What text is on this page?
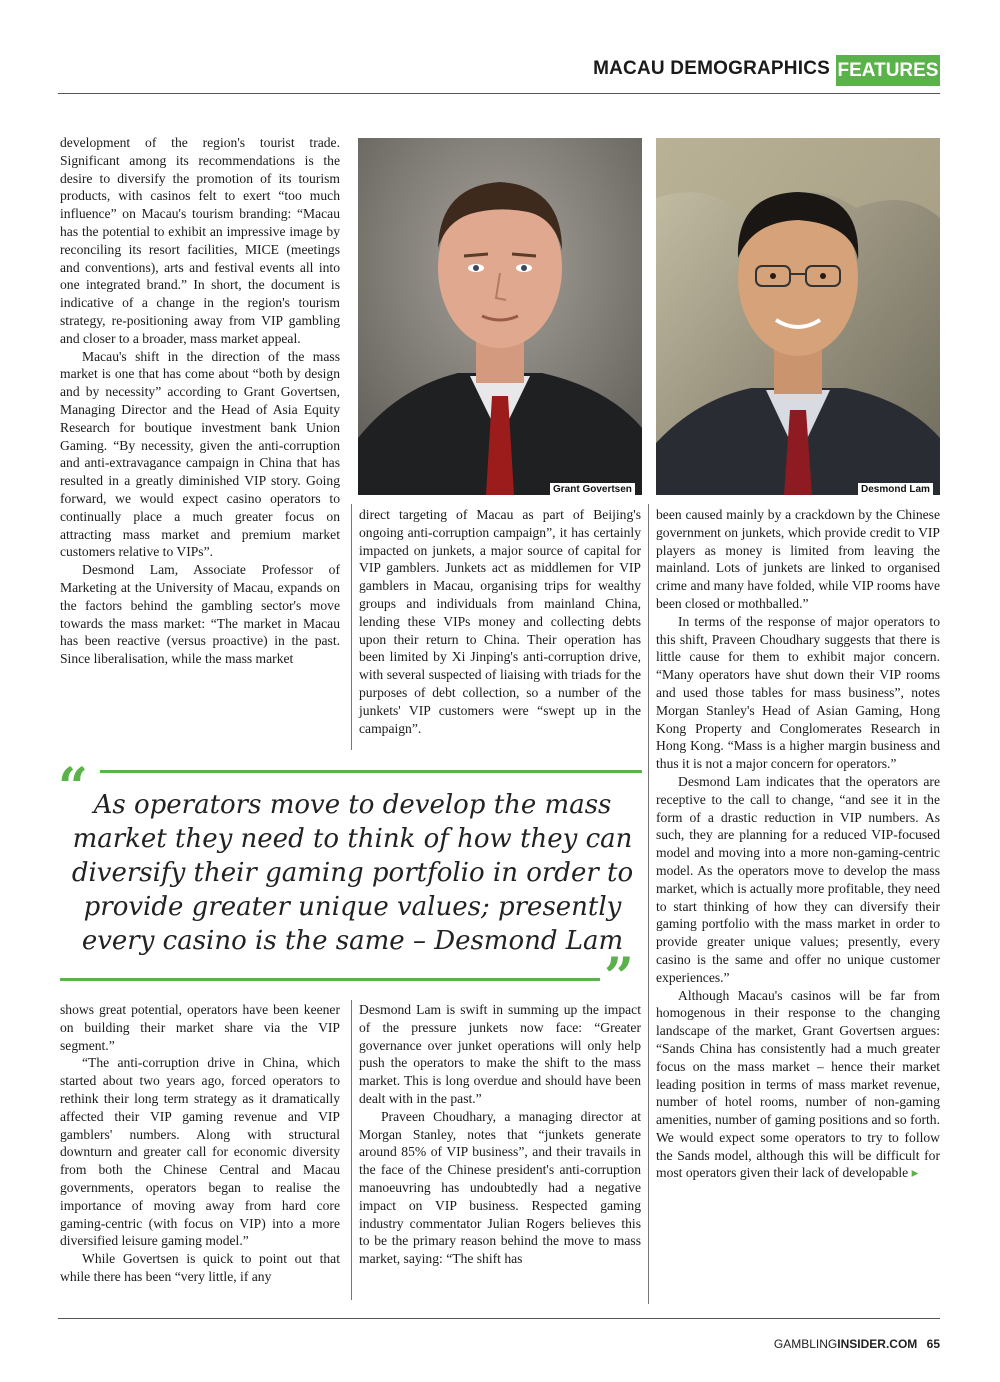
MACAU DEMOGRAPHICS FEATURES
Grant Govertsen	Desmond Lam

development of the region's tourist trade. Significant among its recommendations is the desire to diversify the promotion of its tourism products, with casinos felt to exert “too much influence” on Macau's tourism branding: “Macau has the potential to exhibit an impressive image by reconciling its resort facilities, MICE (meetings and conventions), arts and festival events all into one integrated brand.” In short, the document is indicative of a change in the region's tourism strategy, re-positioning away from VIP gambling and closer to a broader, mass market appeal.

Macau's shift in the direction of the mass market is one that has come about “both by design and by necessity” according to Grant Govertsen, Managing Director and the Head of Asia Equity Research for boutique investment bank Union Gaming. “By necessity, given the anti-corruption and anti-extravagance campaign in China that has resulted in a greatly diminished VIP story. Going forward, we would expect casino operators to continually place a much greater focus on attracting mass market and premium market customers relative to VIPs”.

Desmond Lam, Associate Professor of Marketing at the University of Macau, expands on the factors behind the gambling sector's move towards the mass market: “The market in Macau has been reactive (versus proactive) in the past. Since liberalisation, while the mass market

direct targeting of Macau as part of Beijing's ongoing anti-corruption campaign”, it has certainly impacted on junkets, a major source of capital for VIP gamblers. Junkets act as middlemen for VIP gamblers in Macau, organising trips for wealthy groups and individuals from mainland China, lending these VIPs money and collecting debts upon their return to China. Their operation has been limited by Xi Jinping's anti-corruption drive, with several suspected of liaising with triads for the purposes of debt collection, so a number of the junkets' VIP customers were “swept up in the campaign”.

been caused mainly by a crackdown by the Chinese government on junkets, which provide credit to VIP players as money is limited from leaving the mainland. Lots of junkets are linked to organised crime and many have folded, while VIP rooms have been closed or mothballed.”

In terms of the response of major operators to this shift, Praveen Choudhary suggests that there is little cause for them to exhibit major concern. “Many operators have shut down their VIP rooms and used those tables for mass business”, notes Morgan Stanley's Head of Asian Gaming, Hong Kong Property and Conglomerates Research in Hong Kong. “Mass is a higher margin business and thus it is not a major concern for operators.”

Desmond Lam indicates that the operators are receptive to the call to change, “and see it in the form of a drastic reduction in VIP numbers. As such, they are planning for a reduced VIP-focused model and moving into a more non-gaming-centric model. As the operators move to develop the mass market, which is actually more profitable, they need to start thinking of how they can diversify their gaming portfolio with the mass market in order to provide greater unique values; presently, every casino is the same and offer no unique customer experiences.”

Although Macau's casinos will be far from homogenous in their response to the changing landscape of the market, Grant Govertsen argues: “Sands China has consistently had a much greater focus on the mass market – hence their market leading position in terms of mass market revenue, number of hotel rooms, number of non-gaming amenities, number of gaming positions and so forth. We would expect some operators to try to follow the Sands model, although this will be difficult for most operators given their lack of developable ▸

“ As operators move to develop the mass market they need to think of how they can diversify their gaming portfolio in order to provide greater unique values; presently every casino is the same – Desmond Lam
”

shows great potential, operators have been keener on building their market share via the VIP segment.”

“The anti-corruption drive in China, which started about two years ago, forced operators to rethink their long term strategy as it dramatically affected their VIP gaming revenue and VIP gamblers' numbers. Along with structural downturn and greater call for economic diversity from both the Chinese Central and Macau governments, operators began to realise the importance of moving away from hard core gaming-centric (with focus on VIP) into a more diversified leisure gaming model.”

While Govertsen is quick to point out that while there has been “very little, if any

Desmond Lam is swift in summing up the impact of the pressure junkets now face: “Greater governance over junket operations will only help push the operators to make the shift to the mass market. This is long overdue and should have been dealt with in the past.”

Praveen Choudhary, a managing director at Morgan Stanley, notes that “junkets generate around 85% of VIP business”, and their travails in the face of the Chinese president's anti-corruption manoeuvring has undoubtedly had a negative impact on VIP business. Respected gaming industry commentator Julian Rogers believes this to be the primary reason behind the move to mass market, saying: “The shift has

GAMBLINGINSIDER.COM 65
